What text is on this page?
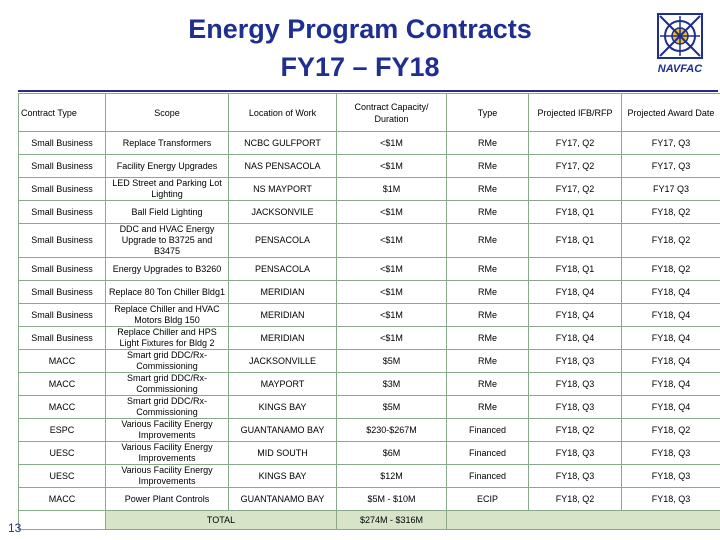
Energy Program Contracts
FY17 – FY18	NAVFAC
Contract Type	Scope	Location of Work	Contract Capacity/ Duration	Type	Projected IFB/RFP	Projected Award Date
Small Business	Replace Transformers	NCBC GULFPORT	<$1M	RMe	FY17, Q2	FY17, Q3
Small Business	Facility Energy Upgrades	NAS PENSACOLA	<$1M	RMe	FY17, Q2	FY17, Q3
Small Business	LED Street and Parking Lot Lighting	NS MAYPORT	$1M	RMe	FY17, Q2	FY17 Q3
Small Business	Ball Field Lighting	JACKSONVILE	<$1M	RMe	FY18, Q1	FY18, Q2
Small Business	DDC and HVAC Energy Upgrade to B3725 and B3475	PENSACOLA	<$1M	RMe	FY18, Q1	FY18, Q2
Small Business	Energy Upgrades to B3260	PENSACOLA	<$1M	RMe	FY18, Q1	FY18, Q2
Small Business	Replace 80 Ton Chiller Bldg1	MERIDIAN	<$1M	RMe	FY18, Q4	FY18, Q4
Small Business	Replace Chiller and HVAC Motors Bldg 150	MERIDIAN	<$1M	RMe	FY18, Q4	FY18, Q4
Small Business	Replace Chiller and HPS Light Fixtures for Bldg 2	MERIDIAN	<$1M	RMe	FY18, Q4	FY18, Q4
MACC	Smart grid DDC/Rx-Commissioning	JACKSONVILLE	$5M	RMe	FY18, Q3	FY18, Q4
MACC	Smart grid DDC/Rx-Commissioning	MAYPORT	$3M	RMe	FY18, Q3	FY18, Q4
MACC	Smart grid DDC/Rx-Commissioning	KINGS BAY	$5M	RMe	FY18, Q3	FY18, Q4
ESPC	Various Facility Energy Improvements	GUANTANAMO BAY	$230-$267M	Financed	FY18, Q2	FY18, Q2
UESC	Various Facility Energy Improvements	MID SOUTH	$6M	Financed	FY18, Q3	FY18, Q3
UESC	Various Facility Energy Improvements	KINGS BAY	$12M	Financed	FY18, Q3	FY18, Q3
MACC	Power Plant Controls	GUANTANAMO BAY	$5M - $10M	ECIP	FY18, Q2	FY18, Q3
	TOTAL		$274M - $316M			
13
